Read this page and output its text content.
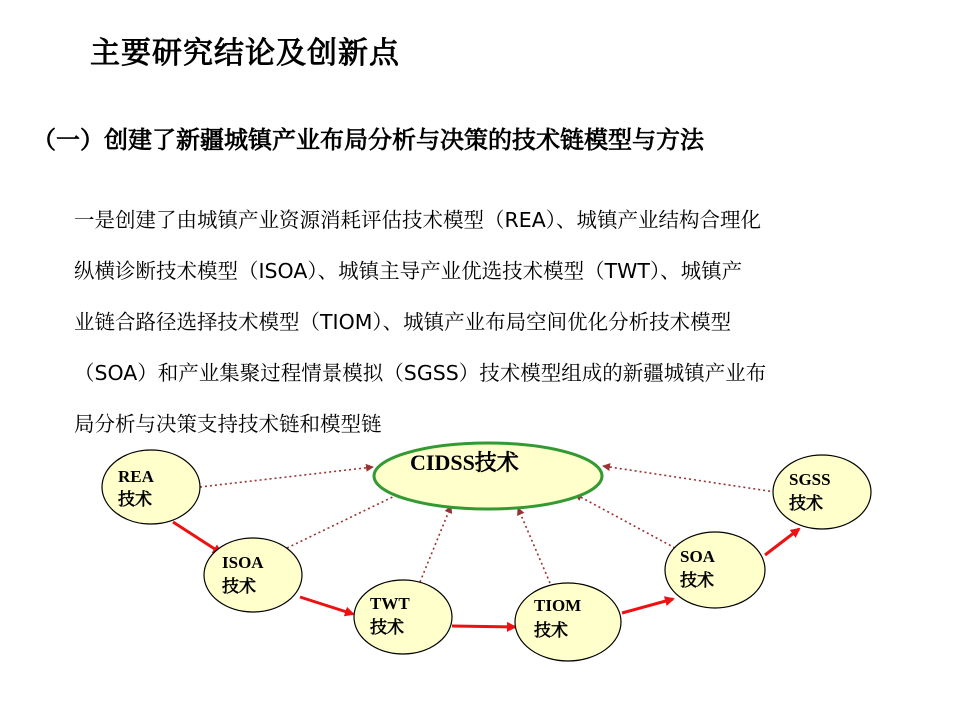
主要研究结论及创新点
（一）创建了新疆城镇产业布局分析与决策的技术链模型与方法
一是创建了由城镇产业资源消耗评估技术模型（REA）、城镇产业结构合理化
纵横诊断技术模型（ISOA）、城镇主导产业优选技术模型（TWT）、城镇产
业链合路径选择技术模型（TIOM）、城镇产业布局空间优化分析技术模型
（SOA）和产业集聚过程情景模拟（SGSS）技术模型组成的新疆城镇产业布
局分析与决策支持技术链和模型链
CIDSS技术
REA
技术
ISOA
技术
TWT
技术
TIOM
技术
SOA
技术
SGSS
技术
